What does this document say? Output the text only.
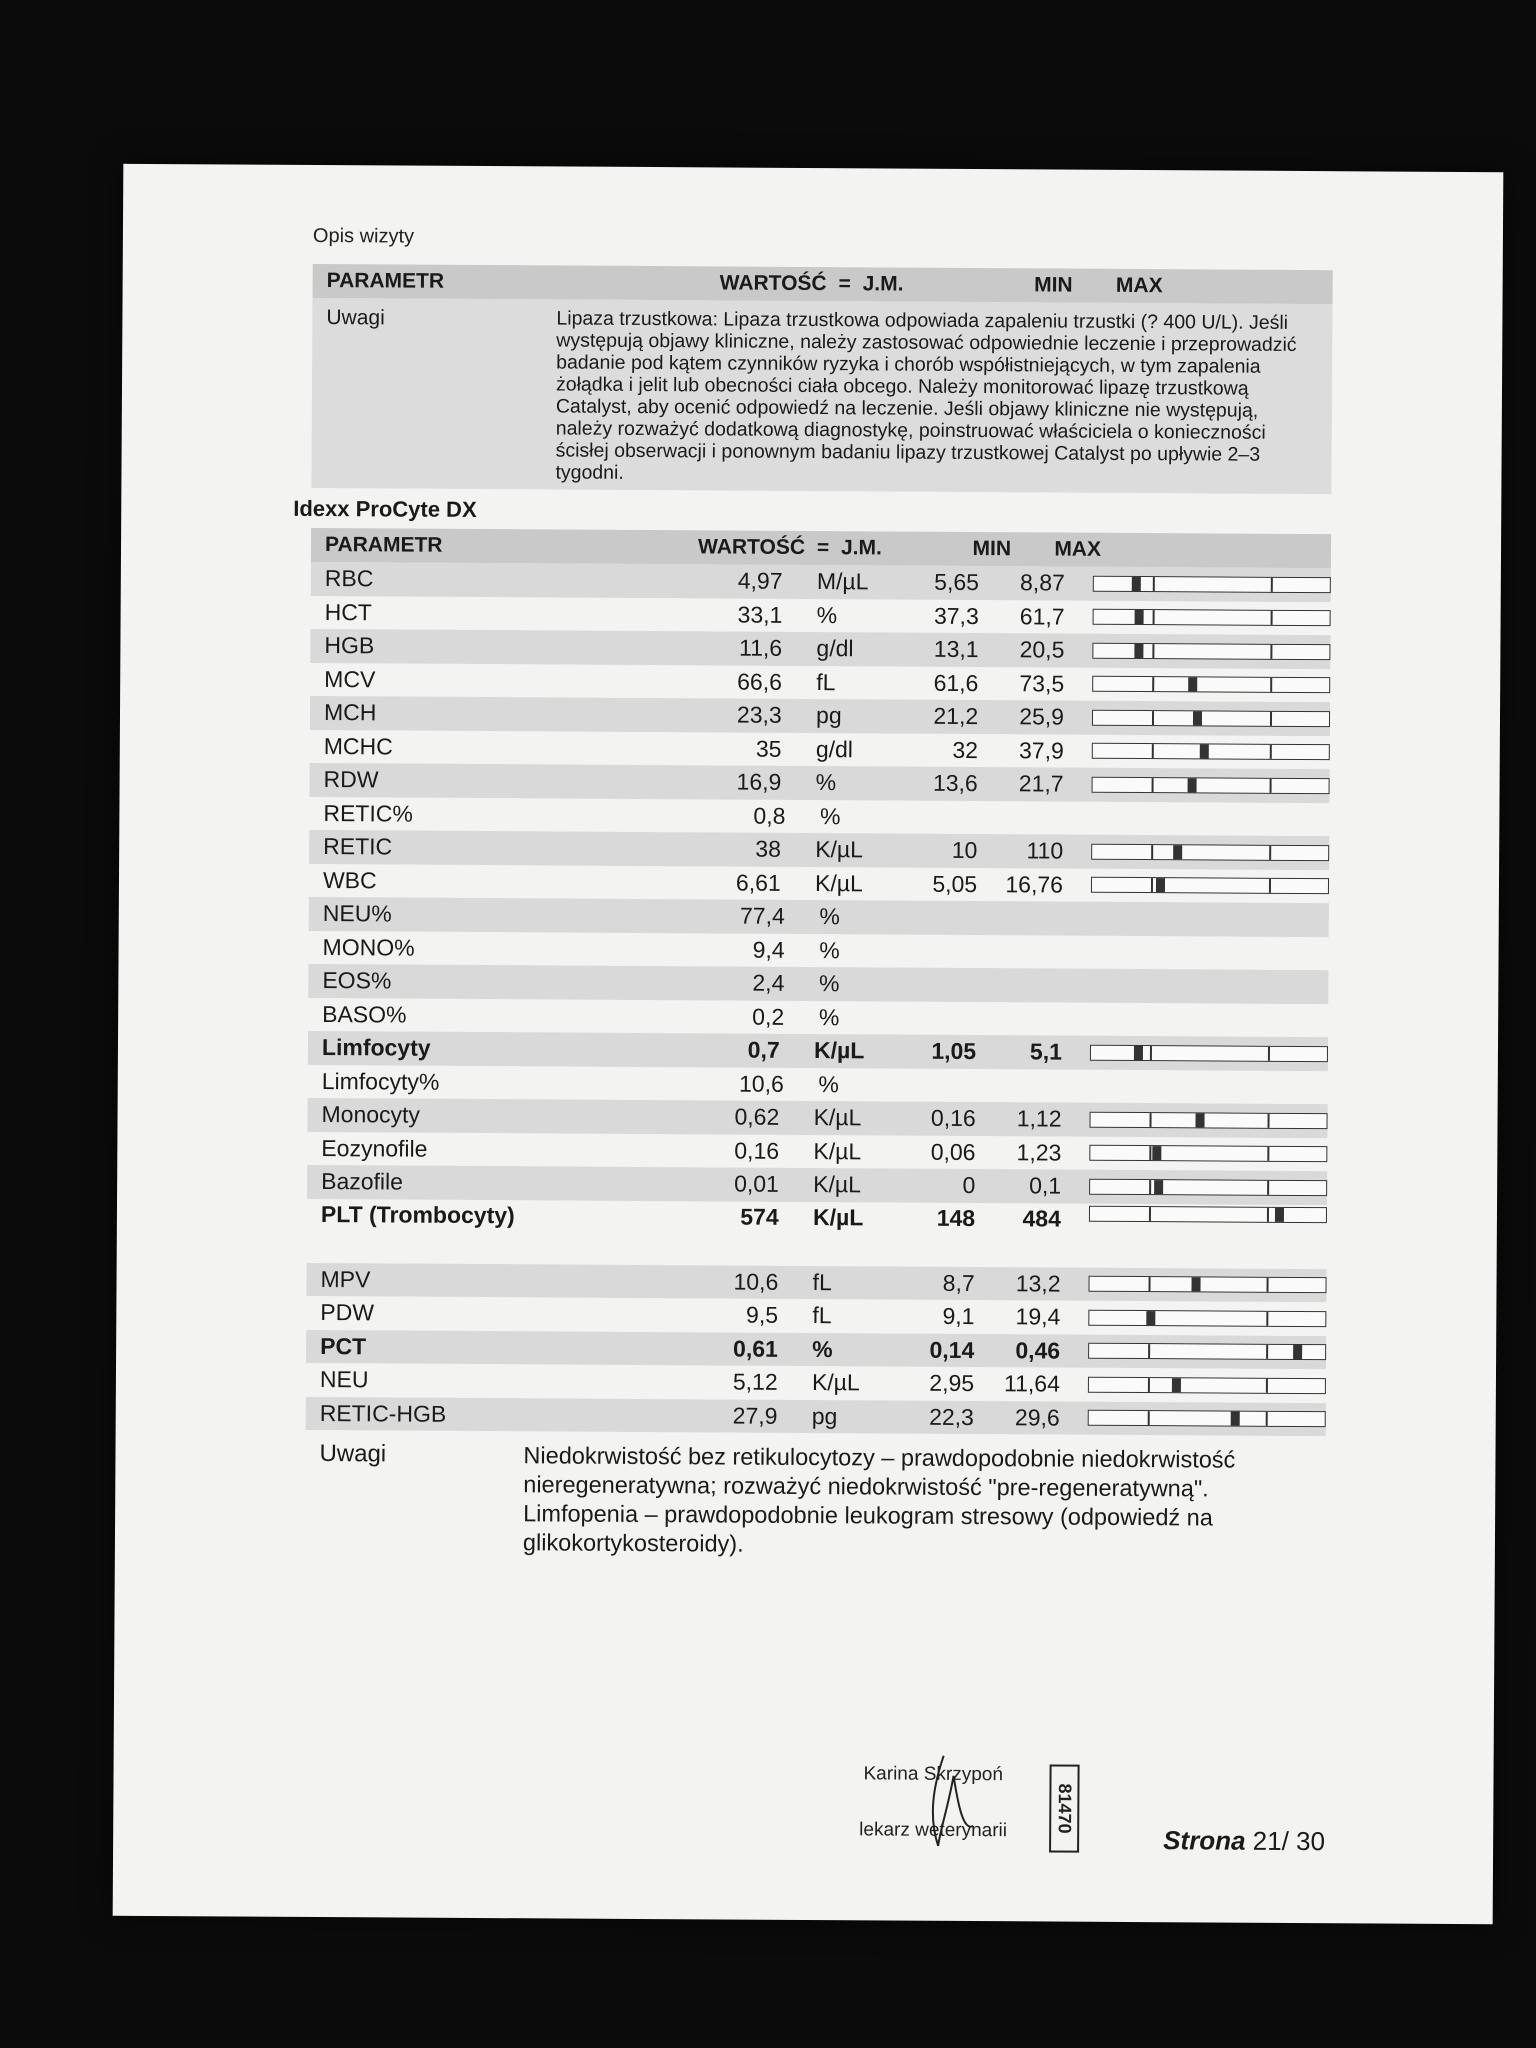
Opis wizyty
PARAMETR	WARTOŚĆ = J.M.	MIN	MAX
Uwagi	Lipaza trzustkowa: Lipaza trzustkowa odpowiada zapaleniu trzustki (? 400 U/L). Jeśli występują objawy kliniczne, należy zastosować odpowiednie leczenie i przeprowadzić badanie pod kątem czynników ryzyka i chorób współistniejących, w tym zapalenia żołądka i jelit lub obecności ciała obcego. Należy monitorować lipazę trzustkową Catalyst, aby ocenić odpowiedź na leczenie. Jeśli objawy kliniczne nie występują, należy rozważyć dodatkową diagnostykę, poinstruować właściciela o konieczności ścisłej obserwacji i ponownym badaniu lipazy trzustkowej Catalyst po upływie 2–3 tygodni.
Idexx ProCyte DX
PARAMETR	WARTOŚĆ = J.M.	MIN	MAX
RBC	4,97 M/µL	5,65	8,87
HCT	33,1 %	37,3	61,7
HGB	11,6 g/dl	13,1	20,5
MCV	66,6 fL	61,6	73,5
MCH	23,3 pg	21,2	25,9
MCHC	35 g/dl	32	37,9
RDW	16,9 %	13,6	21,7
RETIC%	0,8 %
RETIC	38 K/µL	10	110
WBC	6,61 K/µL	5,05	16,76
NEU%	77,4 %
MONO%	9,4 %
EOS%	2,4 %
BASO%	0,2 %
Limfocyty	0,7 K/µL	1,05	5,1
Limfocyty%	10,6 %
Monocyty	0,62 K/µL	0,16	1,12
Eozynofile	0,16 K/µL	0,06	1,23
Bazofile	0,01 K/µL	0	0,1
PLT (Trombocyty)	574 K/µL	148	484
MPV	10,6 fL	8,7	13,2
PDW	9,5 fL	9,1	19,4
PCT	0,61 %	0,14	0,46
NEU	5,12 K/µL	2,95	11,64
RETIC-HGB	27,9 pg	22,3	29,6
Uwagi	Niedokrwistość bez retikulocytozy – prawdopodobnie niedokrwistość nieregeneratywna; rozważyć niedokrwistość "pre-regeneratywną". Limfopenia – prawdopodobnie leukogram stresowy (odpowiedź na glikokortykosteroidy).
Karina Skrzypoń
lekarz weterynarii	81470
Strona 21/ 30
